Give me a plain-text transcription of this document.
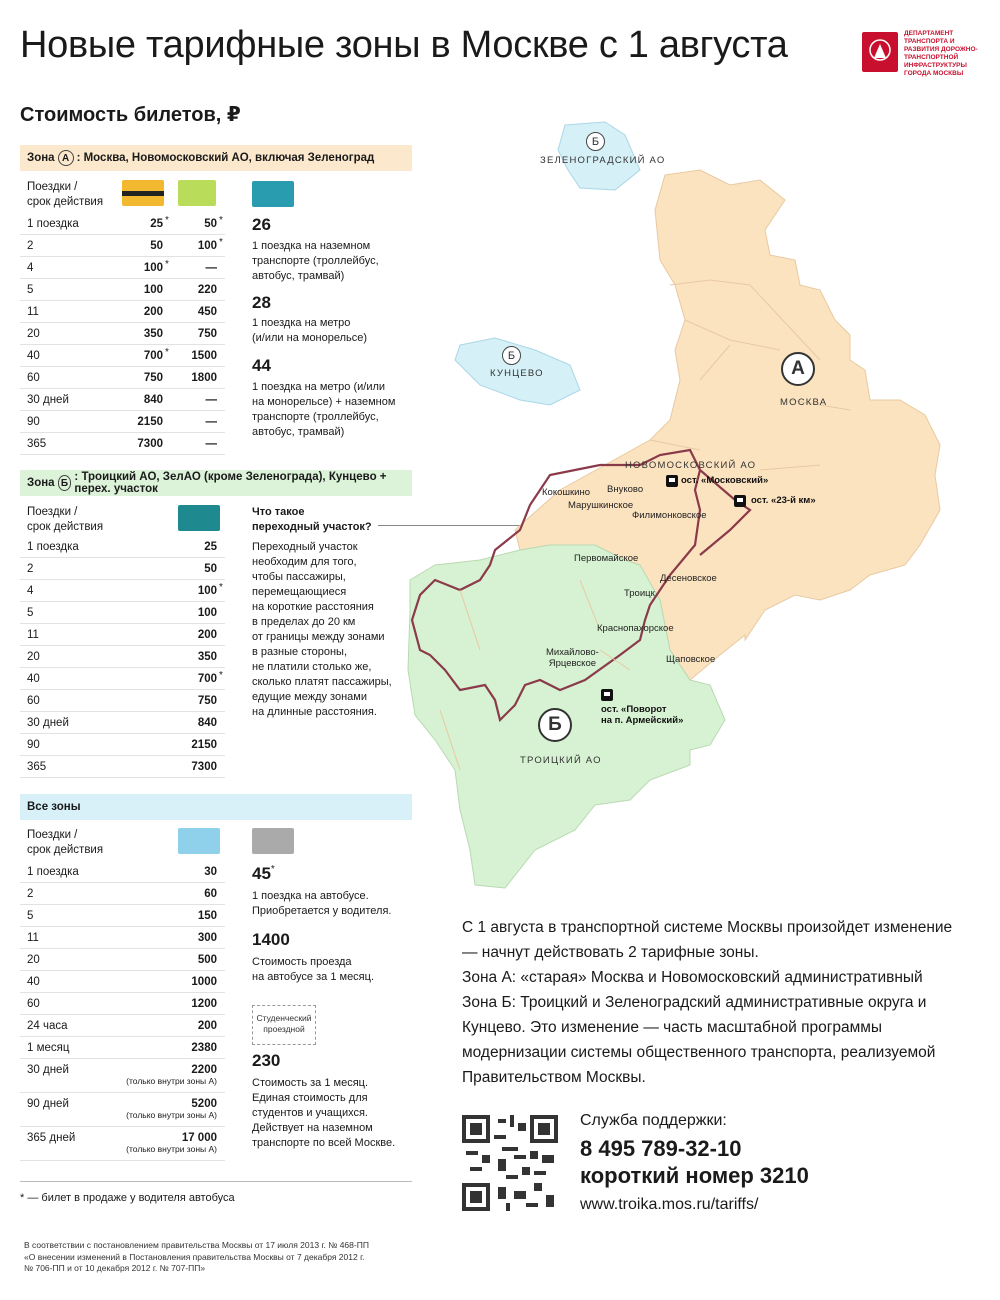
Новые тарифные зоны в Москве с 1 августа	ДЕПАРТАМЕНТ ТРАНСПОРТА И РАЗВИТИЯ ДОРОЖНО-ТРАНСПОРТНОЙ ИНФРАСТРУКТУРЫ ГОРОДА МОСКВЫ
Стоимость билетов, ₽
Зона А : Москва, Новомосковский АО, включая Зеленоград
Поездки /
срок действия
1 поездка	25 *	50 *
2	50	100 *
4	100 *	—
5	100	220
11	200	450
20	350	750
40	700 * 1500
60	750 1800
30 дней	840	—
90	2150	—
365	7300	—
26
1 поездка на наземном
транспорте (троллейбус,
автобус, трамвай)
28
1 поездка на метро
(и/или на монорельсе)
44
1 поездка на метро (и/или
на монорельсе) + наземном
транспорте (троллейбус,
автобус, трамвай)
Зона Б : Троицкий АО, ЗелАО (кроме Зеленограда), Кунцево + перех. участок
Поездки /
срок действия
1 поездка	25
2	50
4	100 *
5	100
11	200
20	350
40	700 *
60	750
30 дней	840
90	2150
365	7300
Что такое
переходный участок?
Переходный участок
необходим для того,
чтобы пассажиры,
перемещающиеся
на короткие расстояния
в пределах до 20 км
от границы между зонами
в разные стороны,
не платили столько же,
сколько платят пассажиры,
едущие между зонами
на длинные расстояния.
Все зоны
Поездки /
срок действия
1 поездка	30
2	60
5	150
11	300
20	500
40	1000
60	1200
24 часа	200
1 месяц	2380
30 дней	2200
(только внутри зоны А)
90 дней	5200
(только внутри зоны А)
365 дней	17 000
(только внутри зоны А)
45*
1 поездка на автобусе.
Приобретается у водителя.
1400
Стоимость проезда
на автобусе за 1 месяц.
Студенческий
проездной
230
Стоимость за 1 месяц.
Единая стоимость для
студентов и учащихся.
Действует на наземном
транспорте по всей Москве.
* — билет в продаже у водителя автобуса
В соответствии с постановлением правительства Москвы от 17 июля 2013 г. № 468-ПП
«О внесении изменений в Постановления правительства Москвы от 7 декабря 2012 г.
№ 706-ПП и от 10 декабря 2012 г. № 707-ПП»
ЗЕЛЕНОГРАДСКИЙ АО
КУНЦЕВО
МОСКВА
НОВОМОСКОВСКИЙ АО
ТРОИЦКИЙ АО
А
Б
Б
Б
Кокошкино Внуково
Марушкинское
Филимонковское
Первомайское
Десеновское
Троицк
Краснопахорское
Михайлово-
Ярцевское	Щаповское
ост. «Московский»
ост. «23-й км»
ост. «Поворот
на п. Армейский»
С 1 августа в транспортной системе Москвы произойдет изменение — начнут действовать 2 тарифные зоны.
Зона А: «старая» Москва и Новомосковский административный
Зона Б: Троицкий и Зеленоградский административные округа и Кунцево. Это изменение — часть масштабной программы модернизации системы общественного транспорта, реализуемой Правительством Москвы.
Служба поддержки:
8 495 789-32-10
короткий номер 3210
www.troika.mos.ru/tariffs/
